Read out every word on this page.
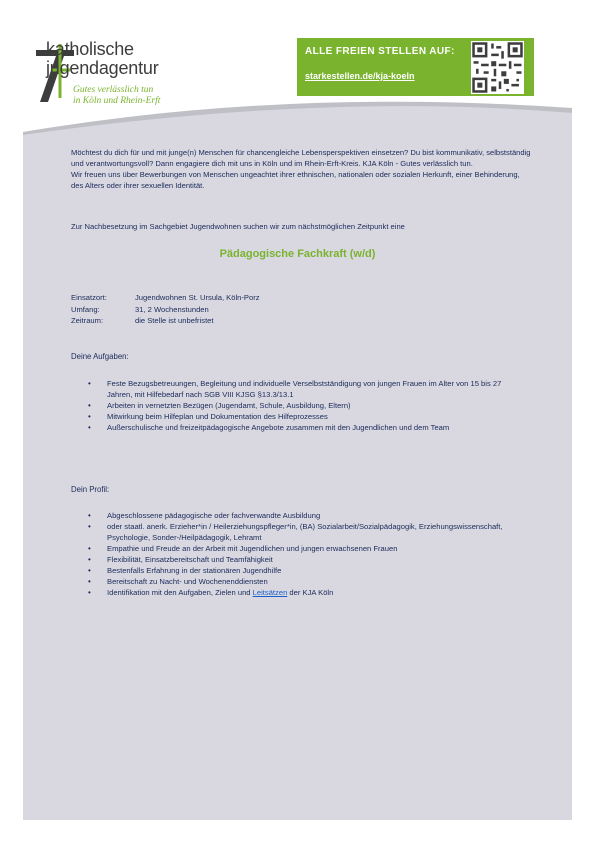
katholische
jugendagentur
Gutes verlässlich tun
in Köln und Rhein-Erft
ALLE FREIEN STELLEN AUF:
starkestellen.de/kja-koeln

Möchtest du dich für und mit junge(n) Menschen für chancengleiche Lebensperspektiven einsetzen? Du bist kommunikativ, selbstständig und verantwortungsvoll? Dann engagiere dich mit uns in Köln und im Rhein-Erft-Kreis. KJA Köln - Gutes verlässlich tun.

Wir freuen uns über Bewerbungen von Menschen ungeachtet ihrer ethnischen, nationalen oder sozialen Herkunft, einer Behinderung, des Alters oder ihrer sexuellen Identität.

Zur Nachbesetzung im Sachgebiet Jugendwohnen suchen wir zum nächstmöglichen Zeitpunkt eine
Pädagogische Fachkraft (w/d)
Einsatzort:	Jugendwohnen St. Ursula, Köln-Porz
Umfang:	31, 2 Wochenstunden
Zeitraum:	die Stelle ist unbefristet
Deine Aufgaben:
• Feste Bezugsbetreuungen, Begleitung und individuelle Verselbstständigung von jungen Frauen im Alter von 15 bis 27 Jahren, mit Hilfebedarf nach SGB VIII KJSG §13.3/13.1
• Arbeiten in vernetzten Bezügen (Jugendamt, Schule, Ausbildung, Eltern)
• Mitwirkung beim Hilfeplan und Dokumentation des Hilfeprozesses
• Außerschulische und freizeitpädagogische Angebote zusammen mit den Jugendlichen und dem Team
Dein Profil:
• Abgeschlossene pädagogische oder fachverwandte Ausbildung
• oder staatl. anerk. Erzieher*in / Heilerziehungspfleger*in, (BA) Sozialarbeit/Sozialpädagogik, Erziehungswissenschaft, Psychologie, Sonder-/Heilpädagogik, Lehramt
• Empathie und Freude an der Arbeit mit Jugendlichen und jungen erwachsenen Frauen
• Flexibilität, Einsatzbereitschaft und Teamfähigkeit
• Bestenfalls Erfahrung in der stationären Jugendhilfe
• Bereitschaft zu Nacht- und Wochenenddiensten
• Identifikation mit den Aufgaben, Zielen und Leitsätzen der KJA Köln
